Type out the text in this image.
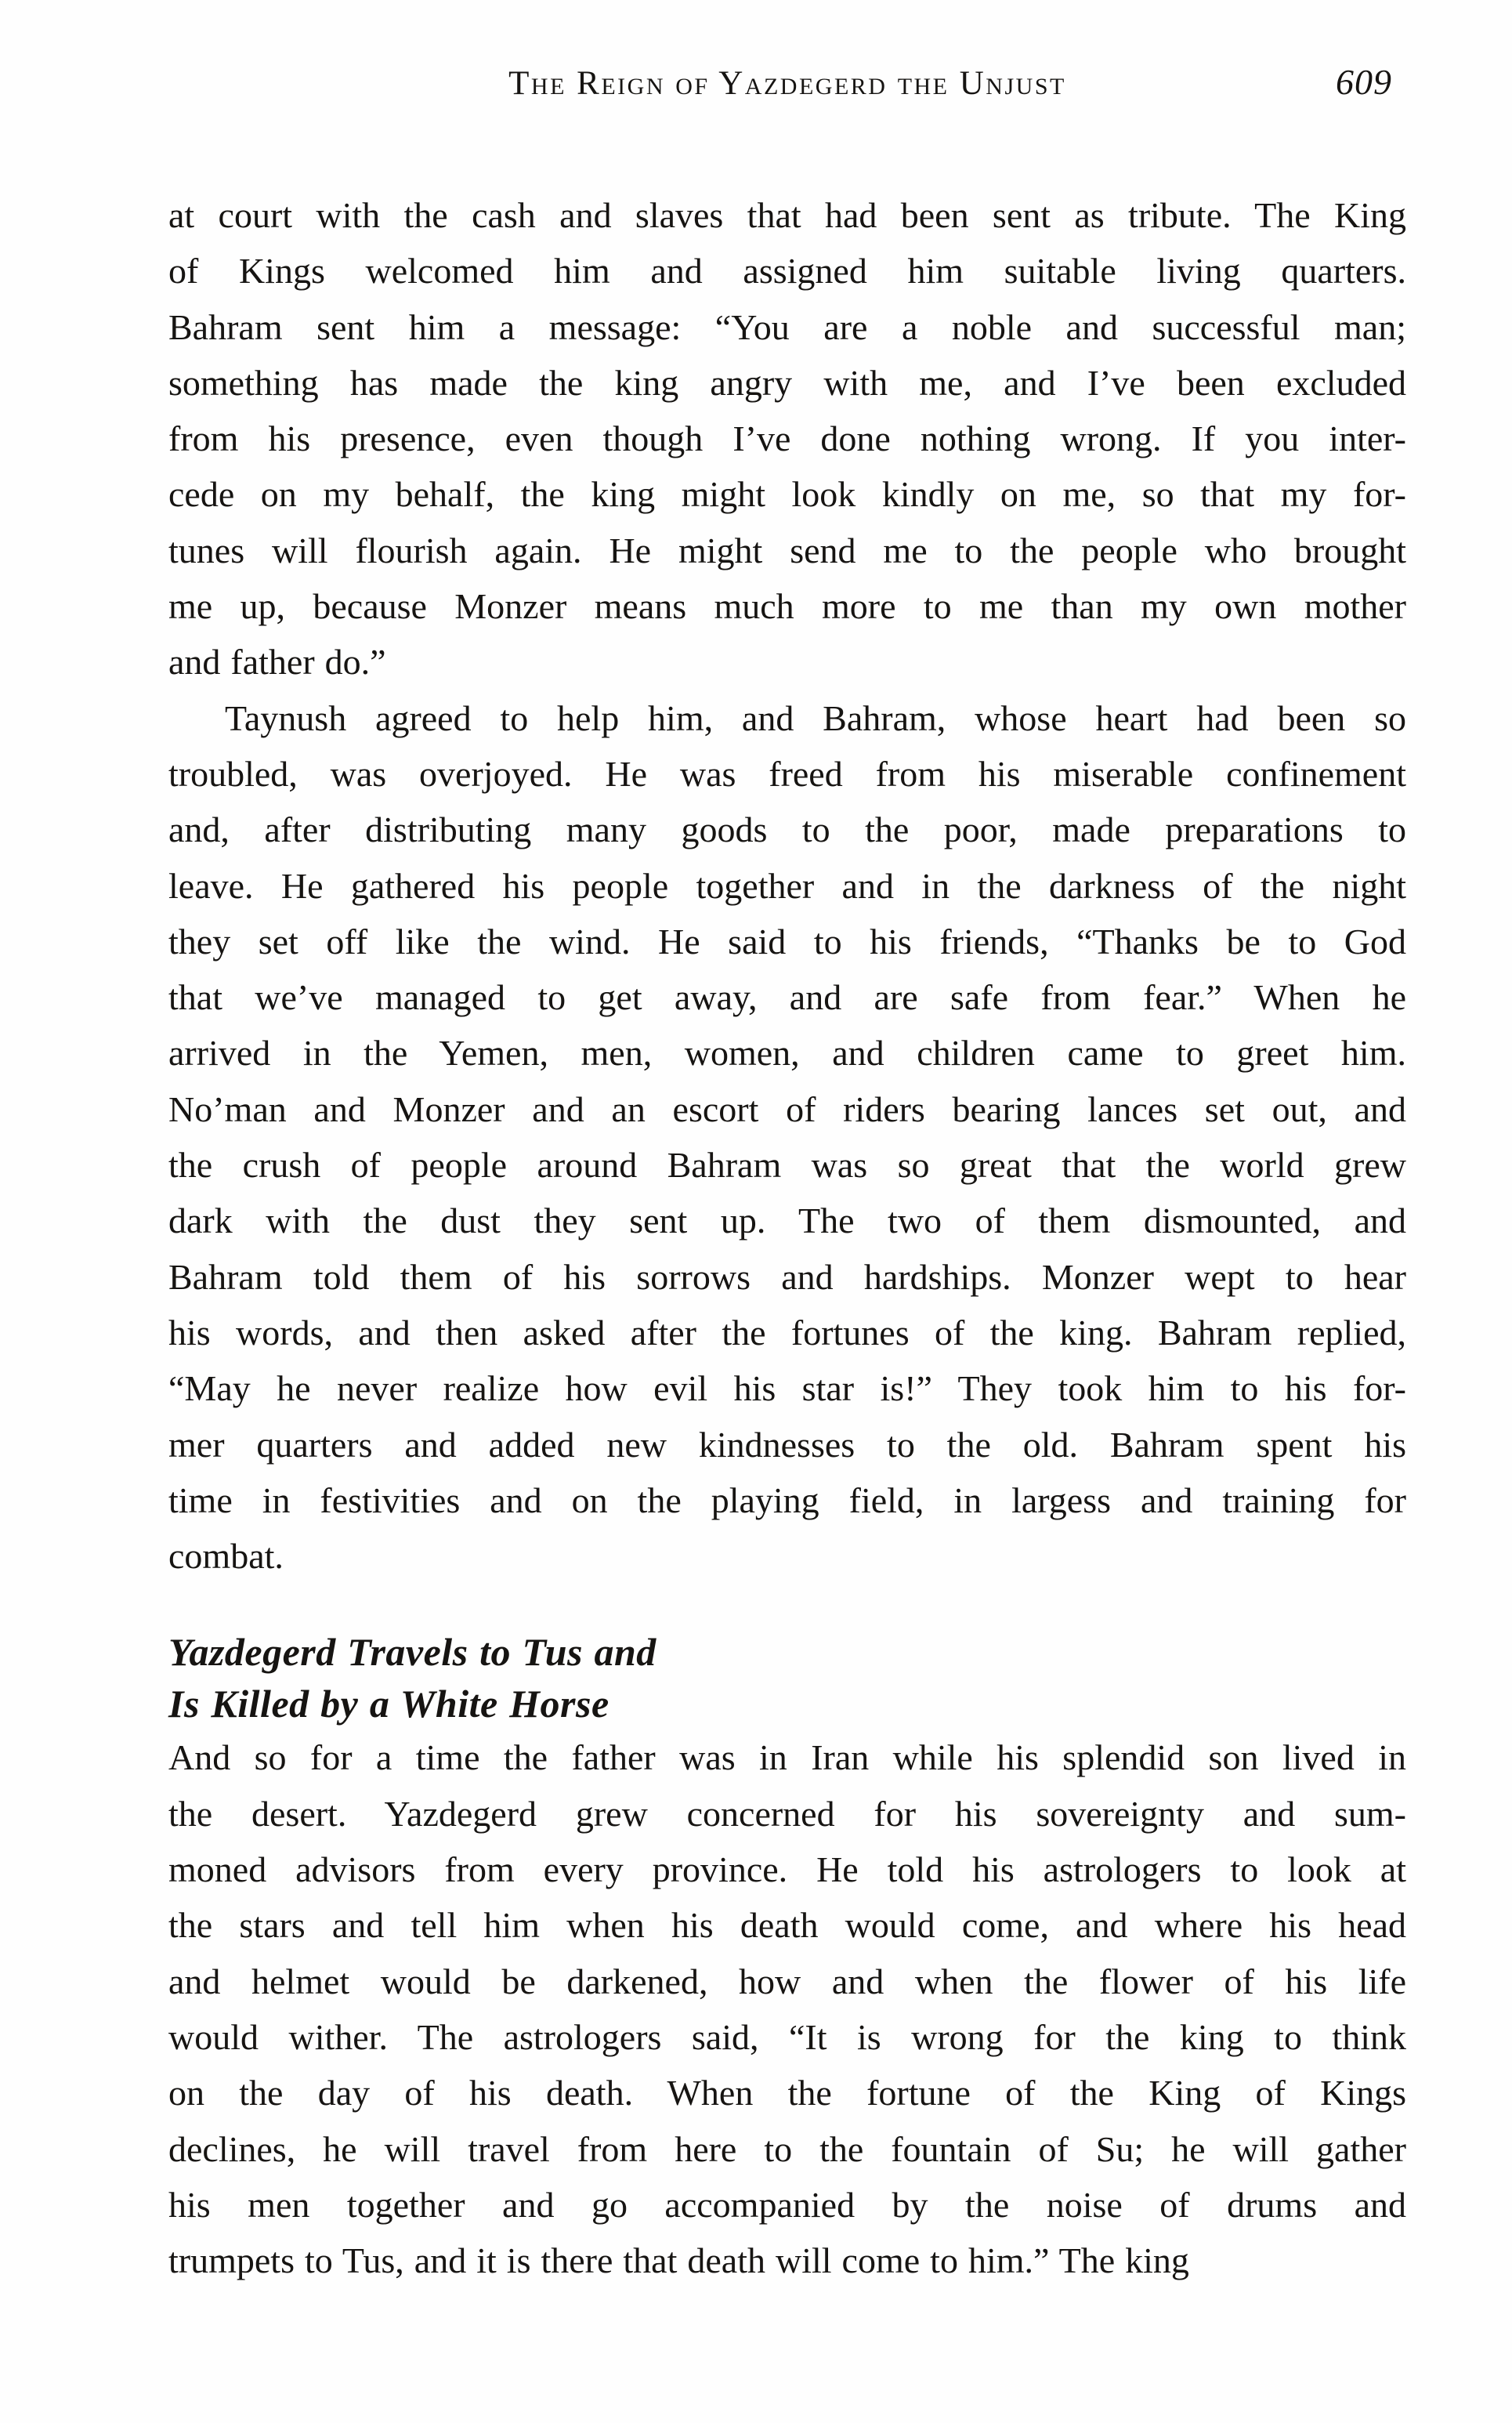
The Reign of Yazdegerd the Unjust	609
at court with the cash and slaves that had been sent as tribute. The King
of Kings welcomed him and assigned him suitable living quarters.
Bahram sent him a message: “You are a noble and successful man;
something has made the king angry with me, and I’ve been excluded
from his presence, even though I’ve done nothing wrong. If you inter-
cede on my behalf, the king might look kindly on me, so that my for-
tunes will flourish again. He might send me to the people who brought
me up, because Monzer means much more to me than my own mother
and father do.”
Taynush agreed to help him, and Bahram, whose heart had been so
troubled, was overjoyed. He was freed from his miserable confinement
and, after distributing many goods to the poor, made preparations to
leave. He gathered his people together and in the darkness of the night
they set off like the wind. He said to his friends, “Thanks be to God
that we’ve managed to get away, and are safe from fear.” When he
arrived in the Yemen, men, women, and children came to greet him.
No’man and Monzer and an escort of riders bearing lances set out, and
the crush of people around Bahram was so great that the world grew
dark with the dust they sent up. The two of them dismounted, and
Bahram told them of his sorrows and hardships. Monzer wept to hear
his words, and then asked after the fortunes of the king. Bahram replied,
“May he never realize how evil his star is!” They took him to his for-
mer quarters and added new kindnesses to the old. Bahram spent his
time in festivities and on the playing field, in largess and training for
combat.
Yazdegerd Travels to Tus and
Is Killed by a White Horse
And so for a time the father was in Iran while his splendid son lived in
the desert. Yazdegerd grew concerned for his sovereignty and sum-
moned advisors from every province. He told his astrologers to look at
the stars and tell him when his death would come, and where his head
and helmet would be darkened, how and when the flower of his life
would wither. The astrologers said, “It is wrong for the king to think
on the day of his death. When the fortune of the King of Kings
declines, he will travel from here to the fountain of Su; he will gather
his men together and go accompanied by the noise of drums and
trumpets to Tus, and it is there that death will come to him.” The king
